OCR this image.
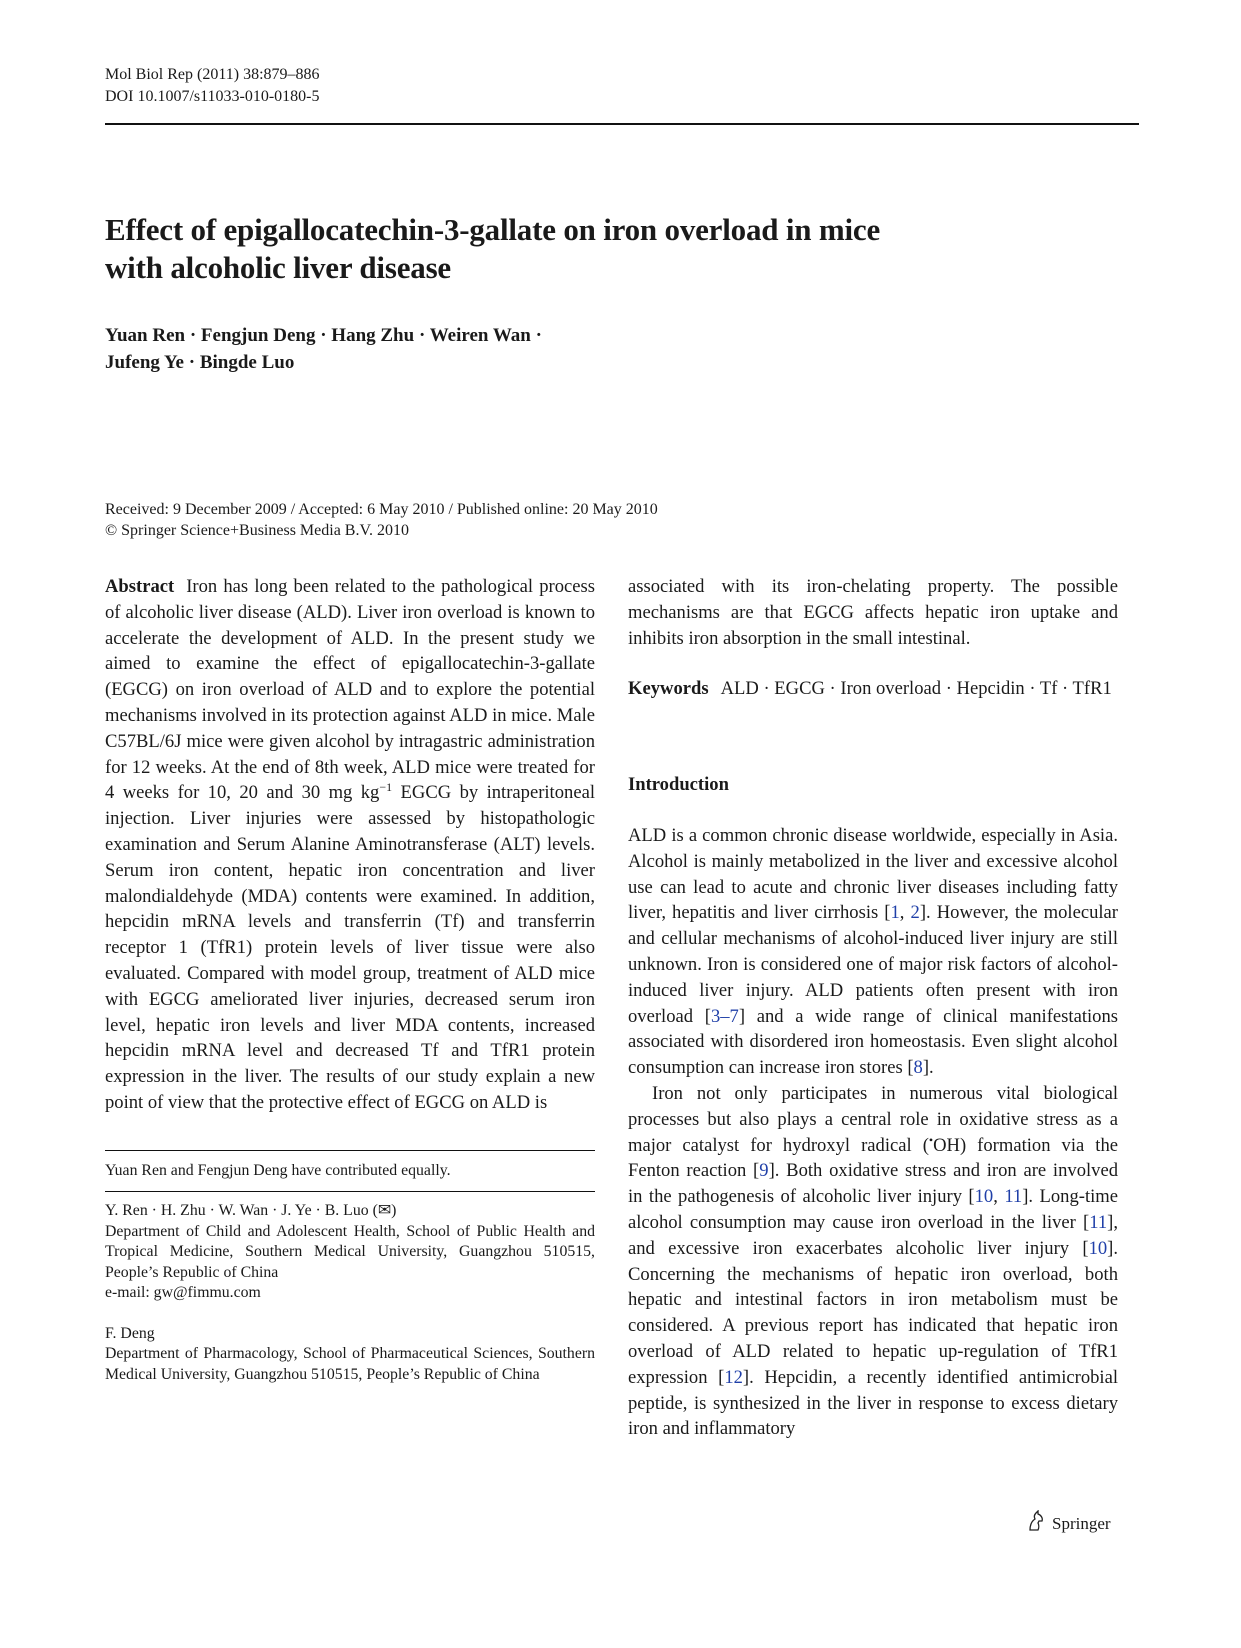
Mol Biol Rep (2011) 38:879–886
DOI 10.1007/s11033-010-0180-5
Effect of epigallocatechin-3-gallate on iron overload in mice
with alcoholic liver disease
Yuan Ren · Fengjun Deng · Hang Zhu · Weiren Wan ·
Jufeng Ye · Bingde Luo
Received: 9 December 2009 / Accepted: 6 May 2010 / Published online: 20 May 2010
© Springer Science+Business Media B.V. 2010

Abstract Iron has long been related to the pathological process of alcoholic liver disease (ALD). Liver iron overload is known to accelerate the development of ALD. In the present study we aimed to examine the effect of epigallocatechin-3-gallate (EGCG) on iron overload of ALD and to explore the potential mechanisms involved in its protection against ALD in mice. Male C57BL/6J mice were given alcohol by intragastric administration for 12 weeks. At the end of 8th week, ALD mice were treated for 4 weeks for 10, 20 and 30 mg $kg^{-1}$ EGCG by intraperitoneal injection. Liver injuries were assessed by histopathologic examination and Serum Alanine Aminotransferase (ALT) levels. Serum iron content, hepatic iron concentration and liver malondialdehyde (MDA) contents were examined. In addition, hepcidin mRNA levels and transferrin (Tf) and transferrin receptor 1 (TfR1) protein levels of liver tissue were also evaluated. Compared with model group, treatment of ALD mice with EGCG ameliorated liver injuries, decreased serum iron level, hepatic iron levels and liver MDA contents, increased hepcidin mRNA level and decreased Tf and TfR1 protein expression in the liver. The results of our study explain a new point of view that the protective effect of EGCG on ALD is

Yuan Ren and Fengjun Deng have contributed equally.
Y. Ren · H. Zhu · W. Wan · J. Ye · B. Luo (✉)
Department of Child and Adolescent Health, School of Public Health and Tropical Medicine, Southern Medical University, Guangzhou 510515, People’s Republic of China
e-mail: gw@fimmu.com
F. Deng
Department of Pharmacology, School of Pharmaceutical Sciences, Southern Medical University, Guangzhou 510515, People’s Republic of China

associated with its iron-chelating property. The possible mechanisms are that EGCG affects hepatic iron uptake and inhibits iron absorption in the small intestinal.

Keywords ALD · EGCG · Iron overload · Hepcidin · Tf · TfR1

Introduction

ALD is a common chronic disease worldwide, especially in Asia. Alcohol is mainly metabolized in the liver and excessive alcohol use can lead to acute and chronic liver diseases including fatty liver, hepatitis and liver cirrhosis [1, 2]. However, the molecular and cellular mechanisms of alcohol-induced liver injury are still unknown. Iron is considered one of major risk factors of alcohol-induced liver injury. ALD patients often present with iron overload [3–7] and a wide range of clinical manifestations associated with disordered iron homeostasis. Even slight alcohol consumption can increase iron stores [8].

Iron not only participates in numerous vital biological processes but also plays a central role in oxidative stress as a major catalyst for hydroxyl radical (•OH) formation via the Fenton reaction [9]. Both oxidative stress and iron are involved in the pathogenesis of alcoholic liver injury [10, 11]. Long-time alcohol consumption may cause iron overload in the liver [11], and excessive iron exacerbates alcoholic liver injury [10]. Concerning the mechanisms of hepatic iron overload, both hepatic and intestinal factors in iron metabolism must be considered. A previous report has indicated that hepatic iron overload of ALD related to hepatic up-regulation of TfR1 expression [12]. Hepcidin, a recently identified antimicrobial peptide, is synthesized in the liver in response to excess dietary iron and inflammatory

Springer
